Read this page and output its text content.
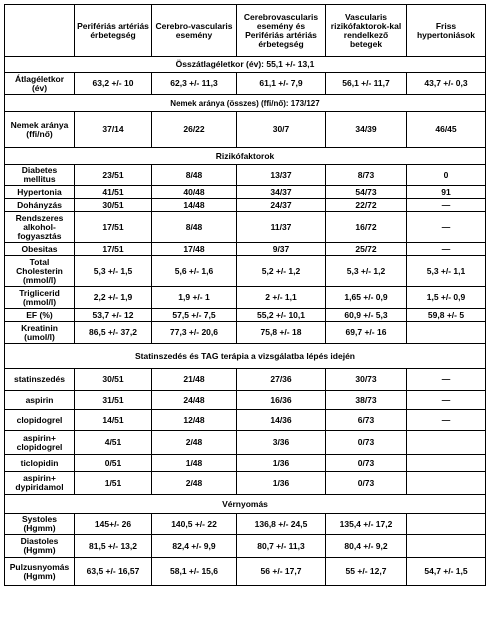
	Perifériás artériás érbetegség	Cerebro-vascularis esemény	Cerebrovascularis esemény és Perifériás artériás érbetegség	Vascularis rizikófaktorok-kal rendelkező betegek	Friss hypertoniások
Összátlagéletkor (év): 55,1 +/- 13,1					
Átlagéletkor (év)	63,2 +/- 10	62,3 +/- 11,3	61,1 +/- 7,9	56,1 +/- 11,7	43,7 +/- 0,3
Nemek aránya (összes) (ffi/nő): 173/127					
Nemek aránya (ffi/nő)	37/14	26/22	30/7	34/39	46/45
Rizikófaktorok					
Diabetes mellitus	23/51	8/48	13/37	8/73	0
Hypertonia	41/51	40/48	34/37	54/73	91
Dohányzás	30/51	14/48	24/37	22/72	—
Rendszeres alkohol-fogyasztás	17/51	8/48	11/37	16/72	—
Obesitas	17/51	17/48	9/37	25/72	—
Total Cholesterin (mmol/l)	5,3 +/- 1,5	5,6 +/- 1,6	5,2 +/- 1,2	5,3 +/- 1,2	5,3 +/- 1,1
Triglicerid (mmol/l)	2,2 +/- 1,9	1,9 +/- 1	2 +/- 1,1	1,65 +/- 0,9	1,5 +/- 0,9
EF (%)	53,7 +/- 12	57,5 +/- 7,5	55,2 +/- 10,1	60,9 +/- 5,3	59,8 +/- 5
Kreatinin (umol/l)	86,5 +/- 37,2	77,3 +/- 20,6	75,8 +/- 18	69,7 +/- 16	
Statinszedés és TAG terápia a vizsgálatba lépés idején					
statinszedés	30/51	21/48	27/36	30/73	—
aspirin	31/51	24/48	16/36	38/73	—
clopidogrel	14/51	12/48	14/36	6/73	—
aspirin+ clopidogrel	4/51	2/48	3/36	0/73	
ticlopidin	0/51	1/48	1/36	0/73	
aspirin+ dypiridamol	1/51	2/48	1/36	0/73	
Vérnyomás					
Systoles (Hgmm)	145+/- 26	140,5 +/- 22	136,8 +/- 24,5	135,4 +/- 17,2	
Diastoles (Hgmm)	81,5 +/- 13,2	82,4 +/- 9,9	80,7 +/- 11,3	80,4 +/- 9,2	
Pulzusnyomás (Hgmm)	63,5 +/- 16,57	58,1 +/- 15,6	56 +/- 17,7	55 +/- 12,7	54,7 +/- 1,5
